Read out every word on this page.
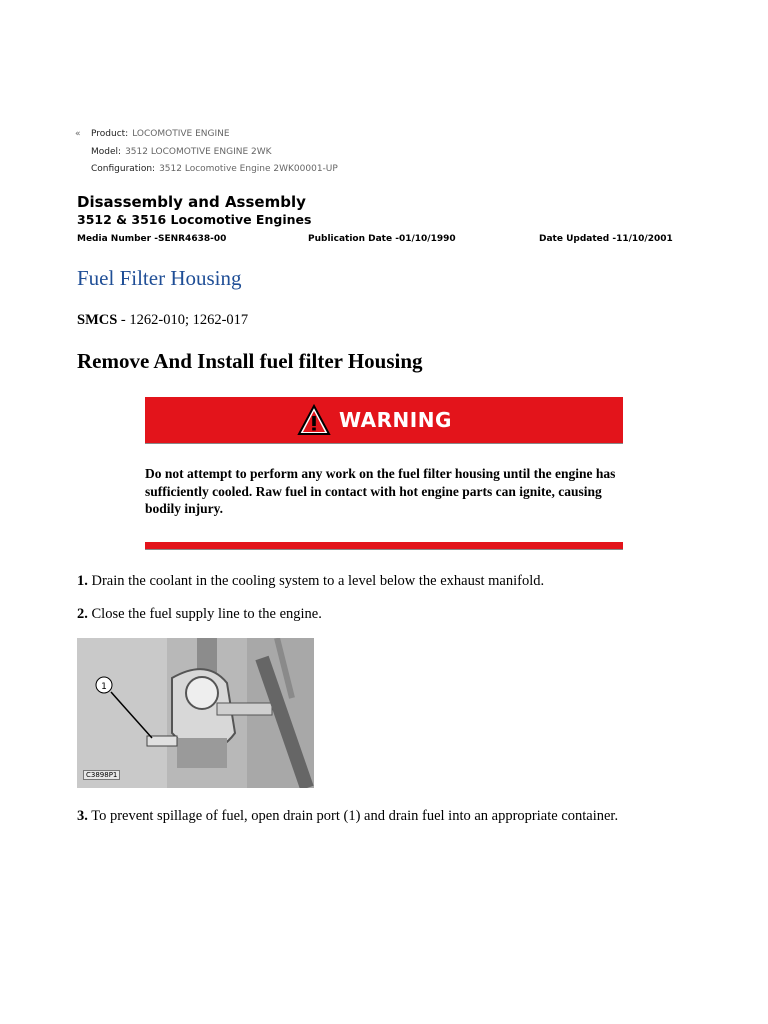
« Product: LOCOMOTIVE ENGINE
Model: 3512 LOCOMOTIVE ENGINE 2WK
Configuration: 3512 Locomotive Engine 2WK00001-UP
Disassembly and Assembly
3512 & 3516 Locomotive Engines
Media Number -SENR4638-00	Publication Date -01/10/1990	Date Updated -11/10/2001
Fuel Filter Housing
SMCS - 1262-010; 1262-017
Remove And Install fuel filter Housing
WARNING
Do not attempt to perform any work on the fuel filter housing until the engine has sufficiently cooled. Raw fuel in contact with hot engine parts can ignite, causing bodily injury.
1. Drain the coolant in the cooling system to a level below the exhaust manifold.
2. Close the fuel supply line to the engine.
1
C3898P1
3. To prevent spillage of fuel, open drain port (1) and drain fuel into an appropriate container.
